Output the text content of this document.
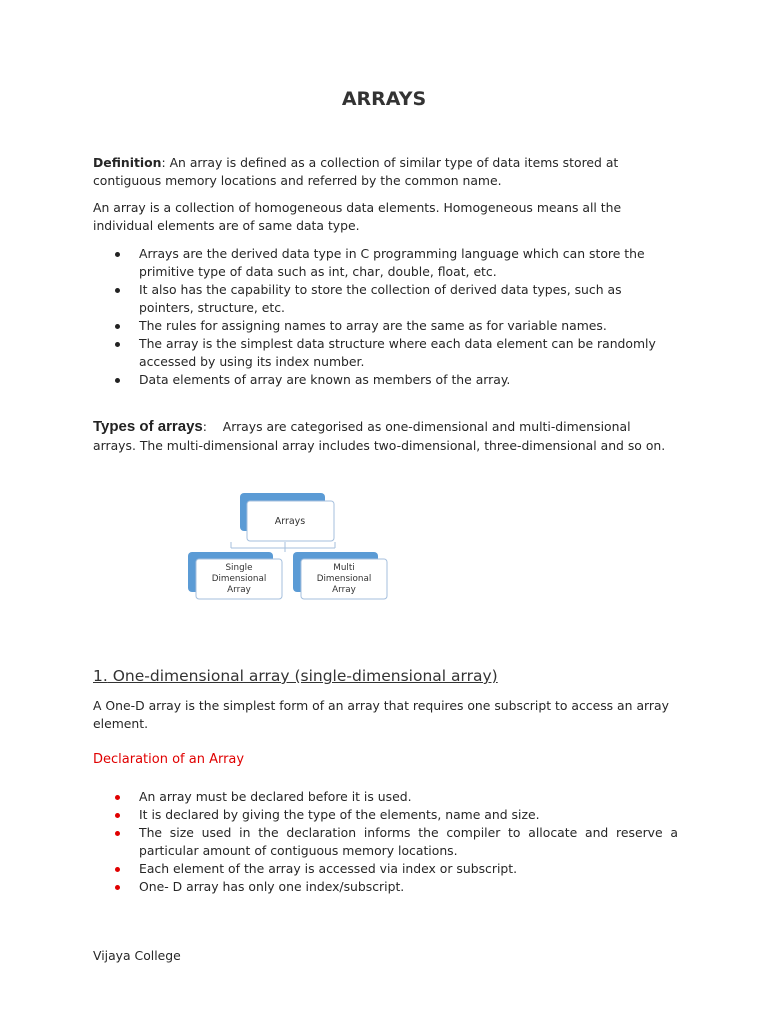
ARRAYS
Definition: An array is defined as a collection of similar type of data items stored at contiguous memory locations and referred by the common name.
An array is a collection of homogeneous data elements. Homogeneous means all the individual elements are of same data type.
Arrays are the derived data type in C programming language which can store the primitive type of data such as int, char, double, float, etc.
It also has the capability to store the collection of derived data types, such as pointers, structure, etc.
The rules for assigning names to array are the same as for variable names.
The array is the simplest data structure where each data element can be randomly accessed by using its index number.
Data elements of array are known as members of the array.
Types of arrays: Arrays are categorised as one-dimensional and multi-dimensional arrays. The multi-dimensional array includes two-dimensional, three-dimensional and so on.
Arrays
Single
Dimensional
Array
Multi
Dimensional
Array
1. One-dimensional array (single-dimensional array)
A One-D array is the simplest form of an array that requires one subscript to access an array element.
Declaration of an Array
An array must be declared before it is used.
It is declared by giving the type of the elements, name and size.
The size used in the declaration informs the compiler to allocate and reserve a particular amount of contiguous memory locations.
Each element of the array is accessed via index or subscript.
One- D array has only one index/subscript.
Vijaya College
